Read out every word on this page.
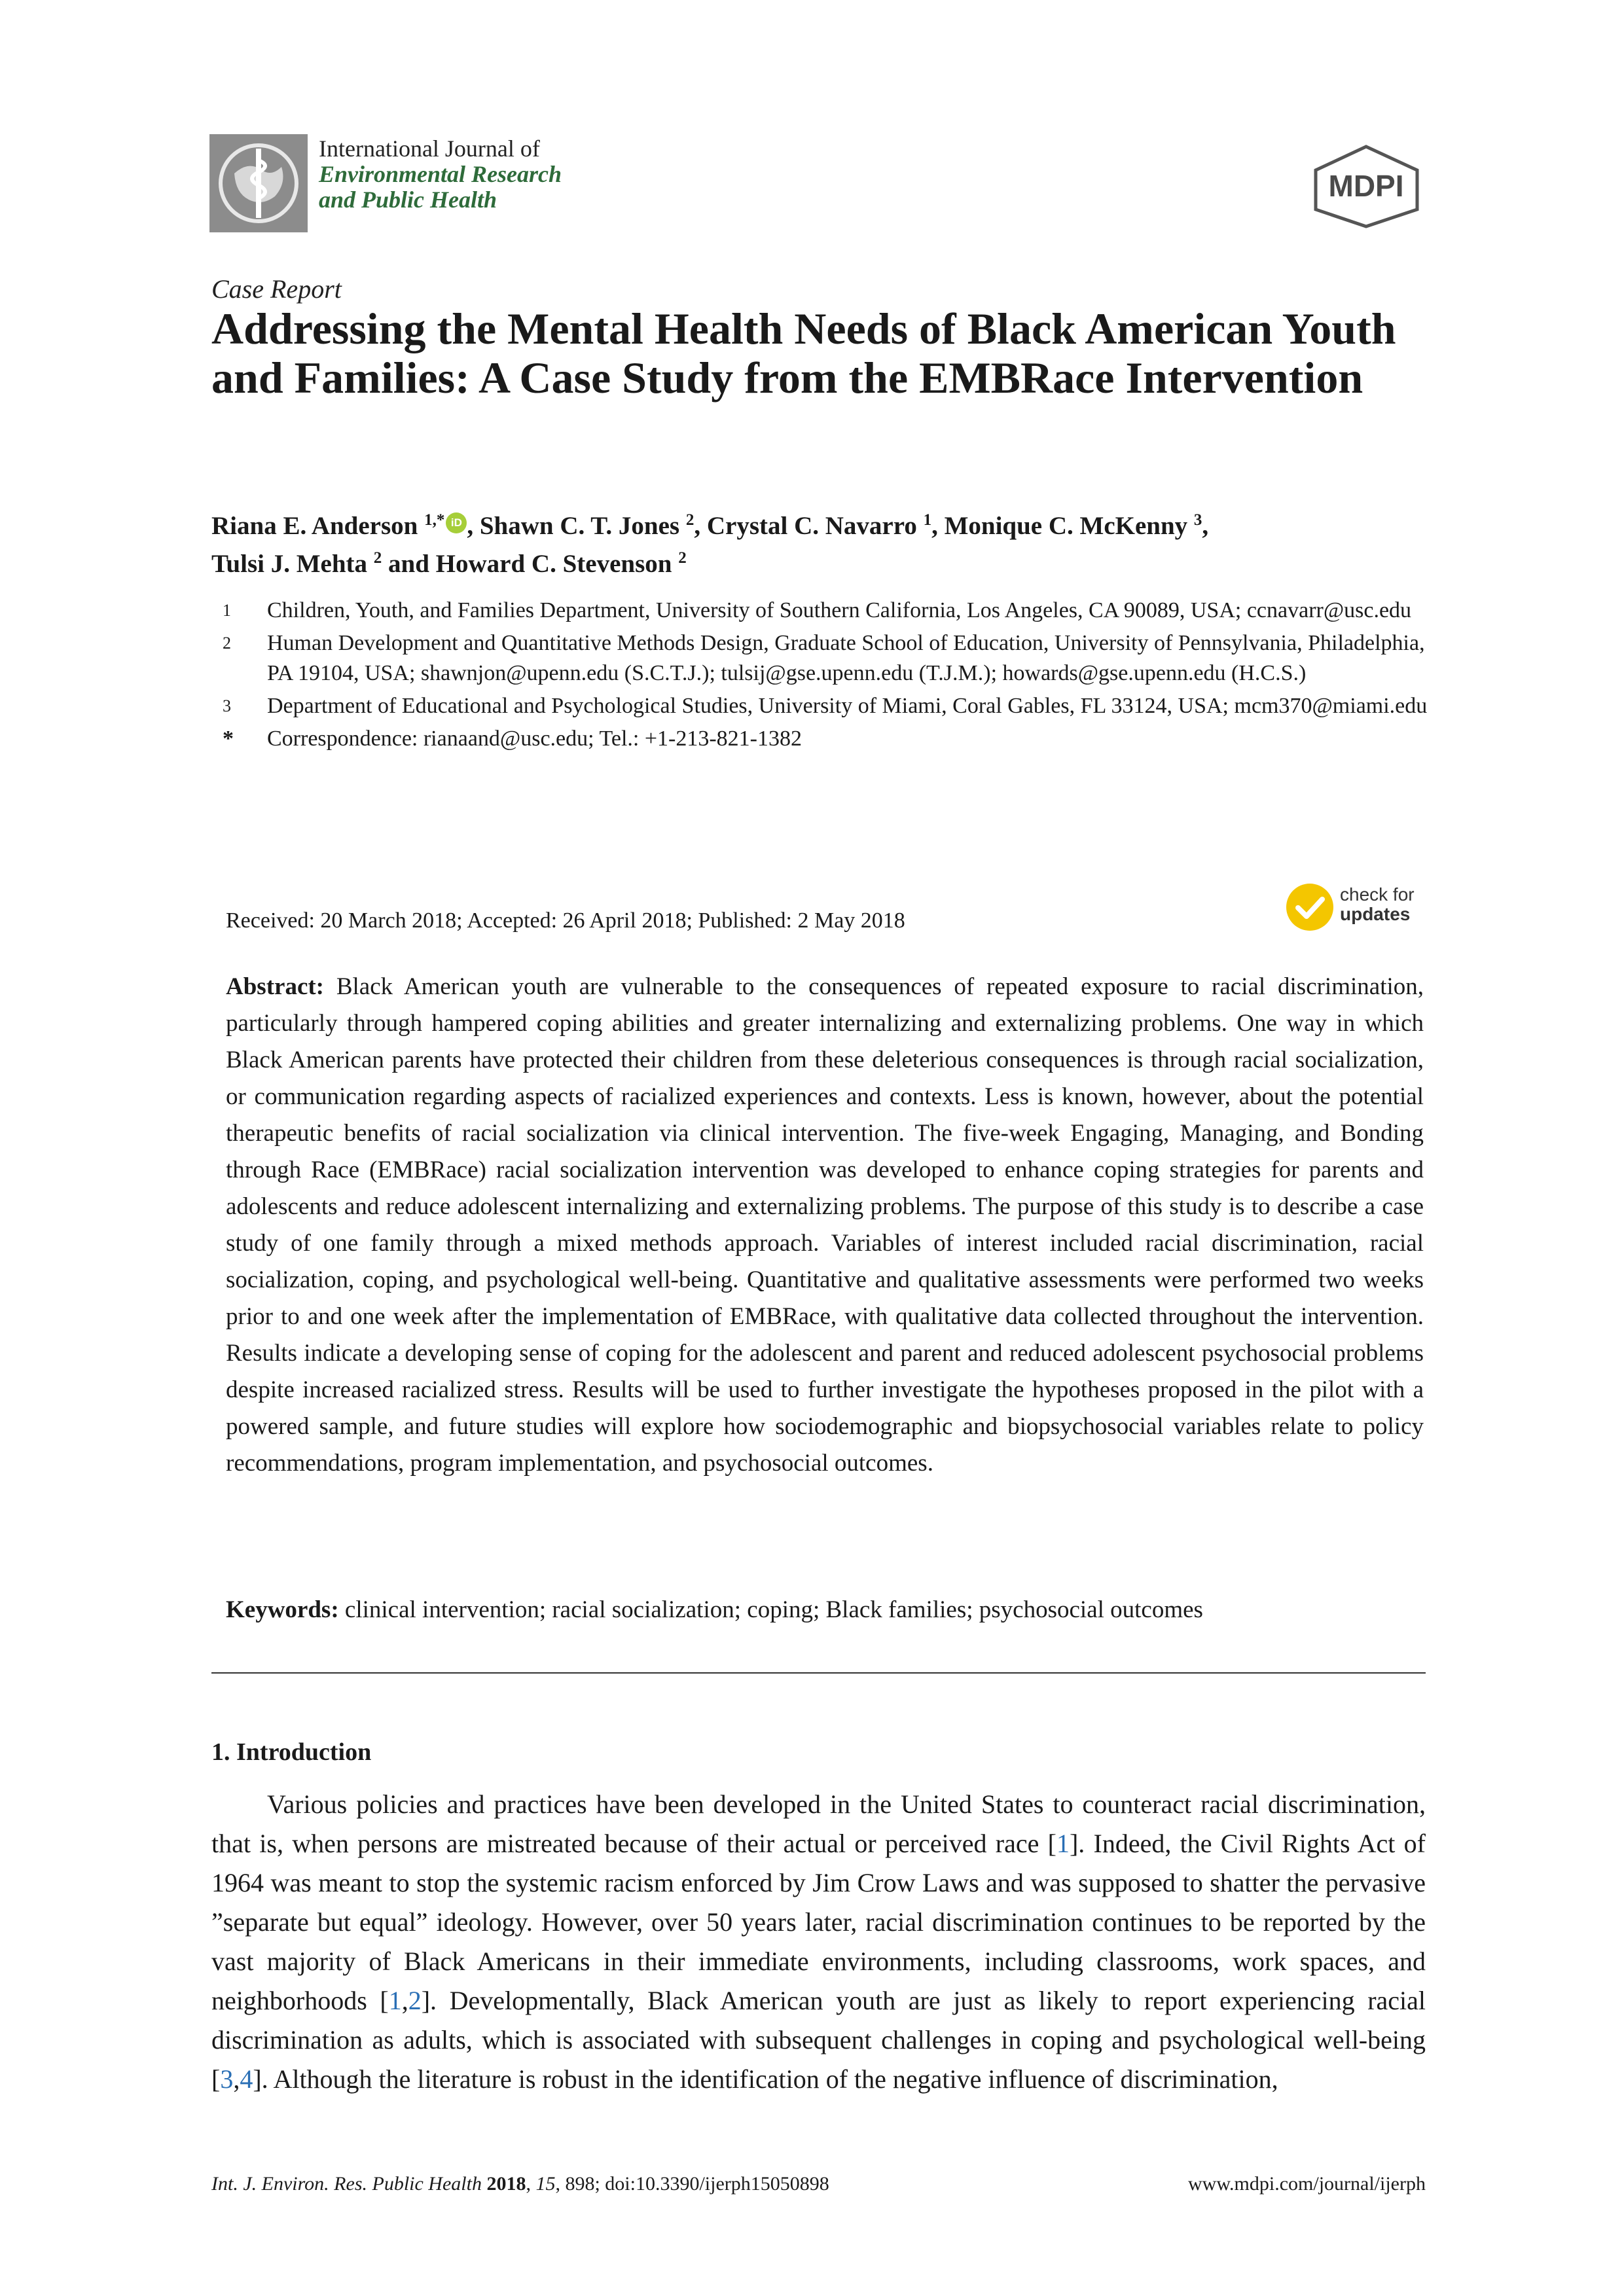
International Journal of
Environmental Research
and Public Health	MDPI
Case Report
Addressing the Mental Health Needs of Black American Youth and Families: A Case Study from the EMBRace Intervention
Riana E. Anderson $^{1,*}$ iD , Shawn C. T. Jones $^2$, Crystal C. Navarro $^1$, Monique C. McKenny $^3$,
Tulsi J. Mehta $^2$ and Howard C. Stevenson $^2$
1	Children, Youth, and Families Department, University of Southern California, Los Angeles, CA 90089, USA; ccnavarr@usc.edu
2	Human Development and Quantitative Methods Design, Graduate School of Education, University of Pennsylvania, Philadelphia, PA 19104, USA; shawnjon@upenn.edu (S.C.T.J.); tulsij@gse.upenn.edu (T.J.M.); howards@gse.upenn.edu (H.C.S.)
3	Department of Educational and Psychological Studies, University of Miami, Coral Gables, FL 33124, USA; mcm370@miami.edu
*	Correspondence: rianaand@usc.edu; Tel.: +1-213-821-1382
Received: 20 March 2018; Accepted: 26 April 2018; Published: 2 May 2018
check for
updates
Abstract: Black American youth are vulnerable to the consequences of repeated exposure to racial discrimination, particularly through hampered coping abilities and greater internalizing and externalizing problems. One way in which Black American parents have protected their children from these deleterious consequences is through racial socialization, or communication regarding aspects of racialized experiences and contexts. Less is known, however, about the potential therapeutic benefits of racial socialization via clinical intervention. The five-week Engaging, Managing, and Bonding through Race (EMBRace) racial socialization intervention was developed to enhance coping strategies for parents and adolescents and reduce adolescent internalizing and externalizing problems. The purpose of this study is to describe a case study of one family through a mixed methods approach. Variables of interest included racial discrimination, racial socialization, coping, and psychological well-being. Quantitative and qualitative assessments were performed two weeks prior to and one week after the implementation of EMBRace, with qualitative data collected throughout the intervention. Results indicate a developing sense of coping for the adolescent and parent and reduced adolescent psychosocial problems despite increased racialized stress. Results will be used to further investigate the hypotheses proposed in the pilot with a powered sample, and future studies will explore how sociodemographic and biopsychosocial variables relate to policy recommendations, program implementation, and psychosocial outcomes.
Keywords: clinical intervention; racial socialization; coping; Black families; psychosocial outcomes
1. Introduction
Various policies and practices have been developed in the United States to counteract racial discrimination, that is, when persons are mistreated because of their actual or perceived race [1]. Indeed, the Civil Rights Act of 1964 was meant to stop the systemic racism enforced by Jim Crow Laws and was supposed to shatter the pervasive ”separate but equal” ideology. However, over 50 years later, racial discrimination continues to be reported by the vast majority of Black Americans in their immediate environments, including classrooms, work spaces, and neighborhoods [1,2]. Developmentally, Black American youth are just as likely to report experiencing racial discrimination as adults, which is associated with subsequent challenges in coping and psychological well-being [3,4]. Although the literature is robust in the identification of the negative influence of discrimination,
Int. J. Environ. Res. Public Health 2018, 15, 898; doi:10.3390/ijerph15050898	www.mdpi.com/journal/ijerph
